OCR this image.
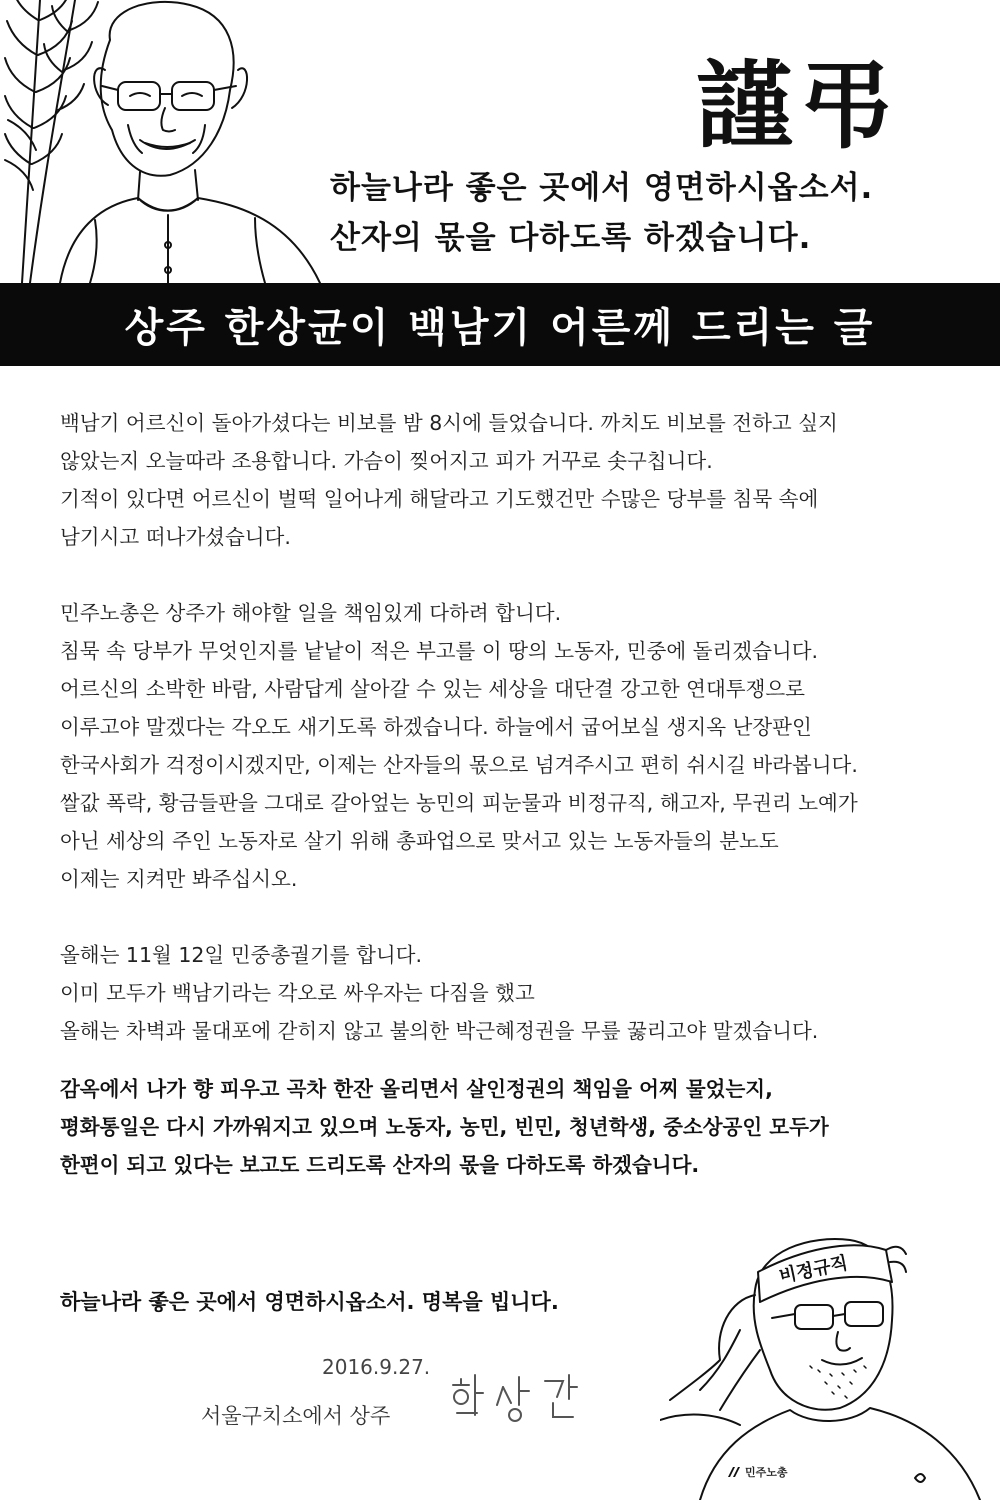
謹弔
하늘나라 좋은 곳에서 영면하시옵소서.
산자의 몫을 다하도록 하겠습니다.
상주 한상균이 백남기 어른께 드리는 글
백남기 어르신이 돌아가셨다는 비보를 밤 8시에 들었습니다. 까치도 비보를 전하고 싶지
않았는지 오늘따라 조용합니다. 가슴이 찢어지고 피가 거꾸로 솟구칩니다.
기적이 있다면 어르신이 벌떡 일어나게 해달라고 기도했건만 수많은 당부를 침묵 속에
남기시고 떠나가셨습니다.
민주노총은 상주가 해야할 일을 책임있게 다하려 합니다.
침묵 속 당부가 무엇인지를 낱낱이 적은 부고를 이 땅의 노동자, 민중에 돌리겠습니다.
어르신의 소박한 바람, 사람답게 살아갈 수 있는 세상을 대단결 강고한 연대투쟁으로
이루고야 말겠다는 각오도 새기도록 하겠습니다. 하늘에서 굽어보실 생지옥 난장판인
한국사회가 걱정이시겠지만, 이제는 산자들의 몫으로 넘겨주시고 편히 쉬시길 바라봅니다.
쌀값 폭락, 황금들판을 그대로 갈아엎는 농민의 피눈물과 비정규직, 해고자, 무권리 노예가
아닌 세상의 주인 노동자로 살기 위해 총파업으로 맞서고 있는 노동자들의 분노도
이제는 지켜만 봐주십시오.
올해는 11월 12일 민중총궐기를 합니다.
이미 모두가 백남기라는 각오로 싸우자는 다짐을 했고
올해는 차벽과 물대포에 갇히지 않고 불의한 박근혜정권을 무릎 꿇리고야 말겠습니다.
감옥에서 나가 향 피우고 곡차 한잔 올리면서 살인정권의 책임을 어찌 물었는지,
평화통일은 다시 가까워지고 있으며 노동자, 농민, 빈민, 청년학생, 중소상공인 모두가
한편이 되고 있다는 보고도 드리도록 산자의 몫을 다하도록 하겠습니다.
하늘나라 좋은 곳에서 영면하시옵소서. 명복을 빕니다.
2016.9.27.
서울구치소에서 상주
비정규직
민주노총
